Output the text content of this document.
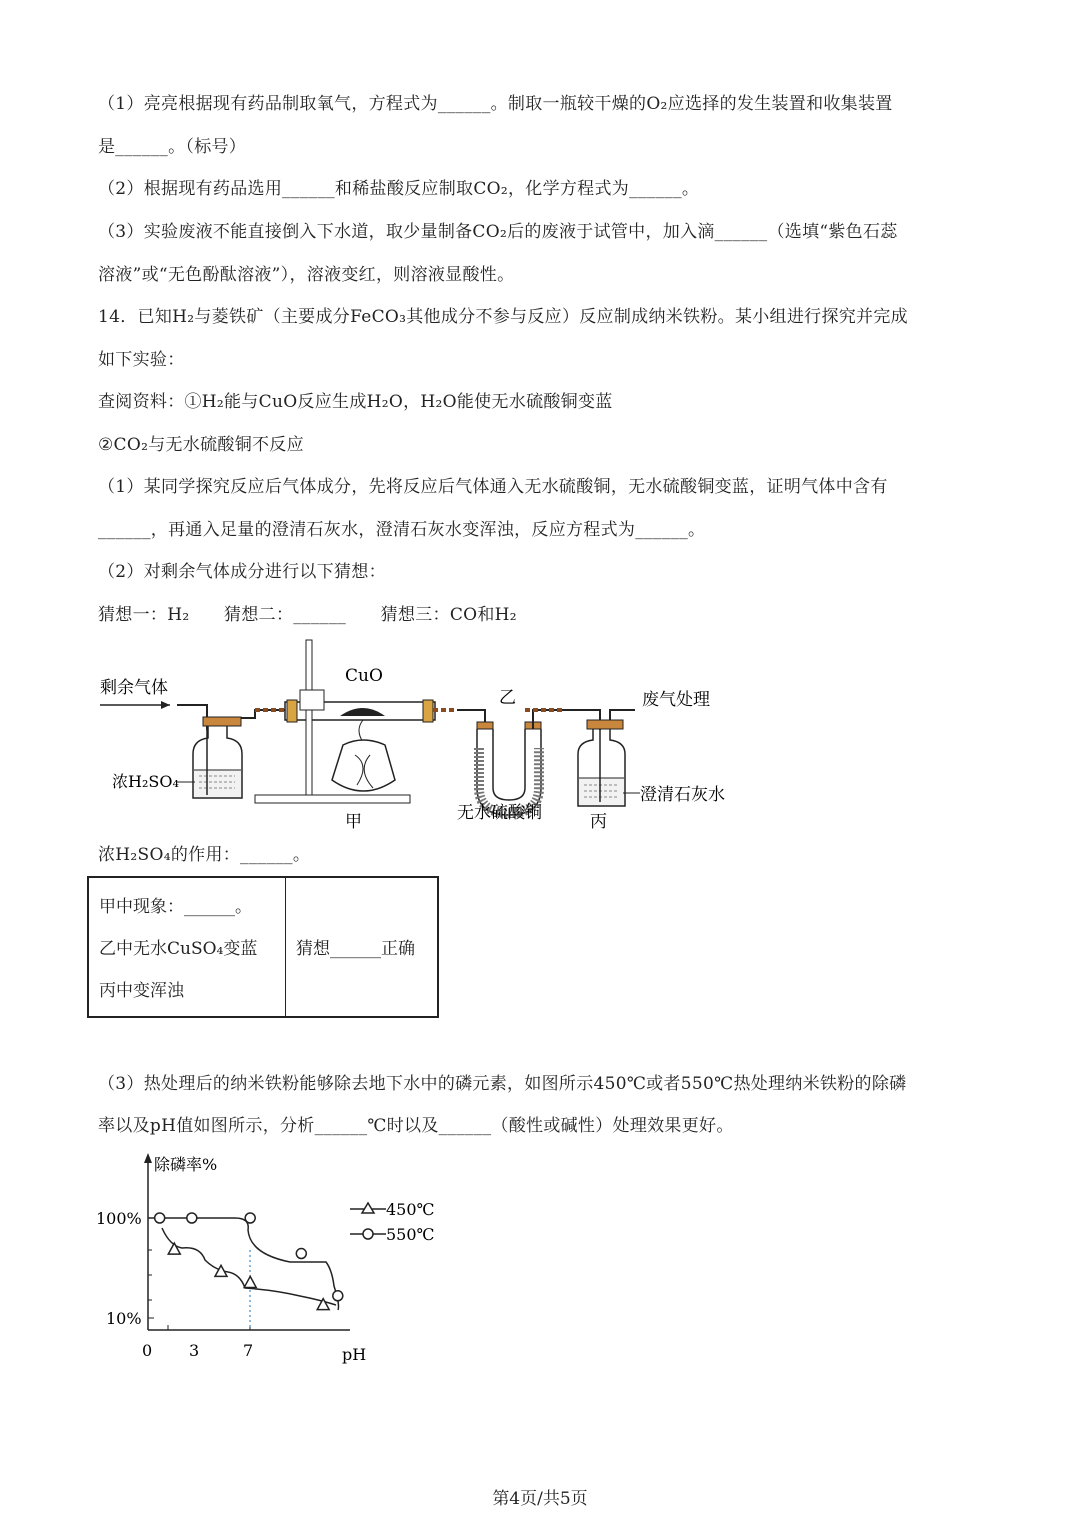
（1）亮亮根据现有药品制取氧气，方程式为______。制取一瓶较干燥的O₂应选择的发生装置和收集装置
是______。（标号）
（2）根据现有药品选用______和稀盐酸反应制取CO₂，化学方程式为______。
（3）实验废液不能直接倒入下水道，取少量制备CO₂后的废液于试管中，加入滴______（选填“紫色石蕊
溶液”或“无色酚酞溶液”），溶液变红，则溶液显酸性。
14．已知H₂与菱铁矿（主要成分FeCO₃其他成分不参与反应）反应制成纳米铁粉。某小组进行探究并完成
如下实验：
查阅资料：①H₂能与CuO反应生成H₂O，H₂O能使无水硫酸铜变蓝
②CO₂与无水硫酸铜不反应
（1）某同学探究反应后气体成分，先将反应后气体通入无水硫酸铜，无水硫酸铜变蓝，证明气体中含有
______，再通入足量的澄清石灰水，澄清石灰水变浑浊，反应方程式为______。
（2）对剩余气体成分进行以下猜想：
猜想一：H₂　　猜想二：______　　猜想三：CO和H₂
剩余气体
浓H₂SO₄
CuO
甲
乙
无水硫酸铜
废气处理
澄清石灰水
丙
浓H₂SO₄的作用：______。
甲中现象：______。
乙中无水CuSO₄变蓝
丙中变浑浊
猜想______正确
（3）热处理后的纳米铁粉能够除去地下水中的磷元素，如图所示450℃或者550℃热处理纳米铁粉的除磷
率以及pH值如图所示，分析______℃时以及______（酸性或碱性）处理效果更好。
除磷率%
pH
100%
10%
0 3	7
450℃
550℃
第4页/共5页
